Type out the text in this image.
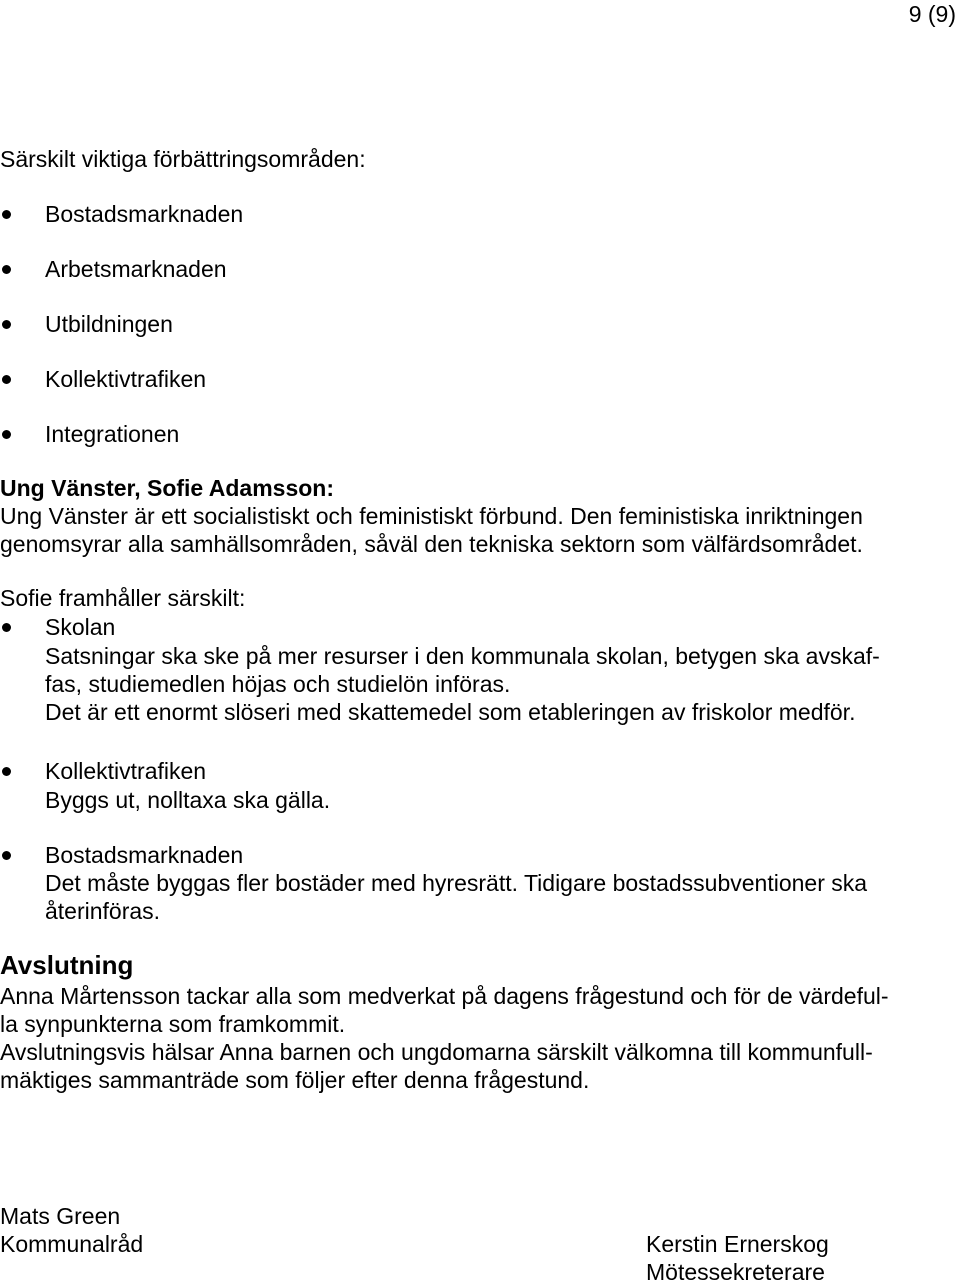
9 (9)
Särskilt viktiga förbättringsområden:
Bostadsmarknaden
Arbetsmarknaden
Utbildningen
Kollektivtrafiken
Integrationen
Ung Vänster, Sofie Adamsson:
Ung Vänster är ett socialistiskt och feministiskt förbund. Den feministiska inriktningen
genomsyrar alla samhällsområden, såväl den tekniska sektorn som välfärdsområdet.
Sofie framhåller särskilt:
Skolan
Satsningar ska ske på mer resurser i den kommunala skolan, betygen ska avskaf-
fas, studiemedlen höjas och studielön införas.
Det är ett enormt slöseri med skattemedel som etableringen av friskolor medför.
Kollektivtrafiken
Byggs ut, nolltaxa ska gälla.
Bostadsmarknaden
Det måste byggas fler bostäder med hyresrätt. Tidigare bostadssubventioner ska
återinföras.
Avslutning
Anna Mårtensson tackar alla som medverkat på dagens frågestund och för de värdeful-
la synpunkterna som framkommit.
Avslutningsvis hälsar Anna barnen och ungdomarna särskilt välkomna till kommunfull-
mäktiges sammanträde som följer efter denna frågestund.
Mats Green
Kommunalråd	Kerstin Ernerskog
Mötessekreterare
